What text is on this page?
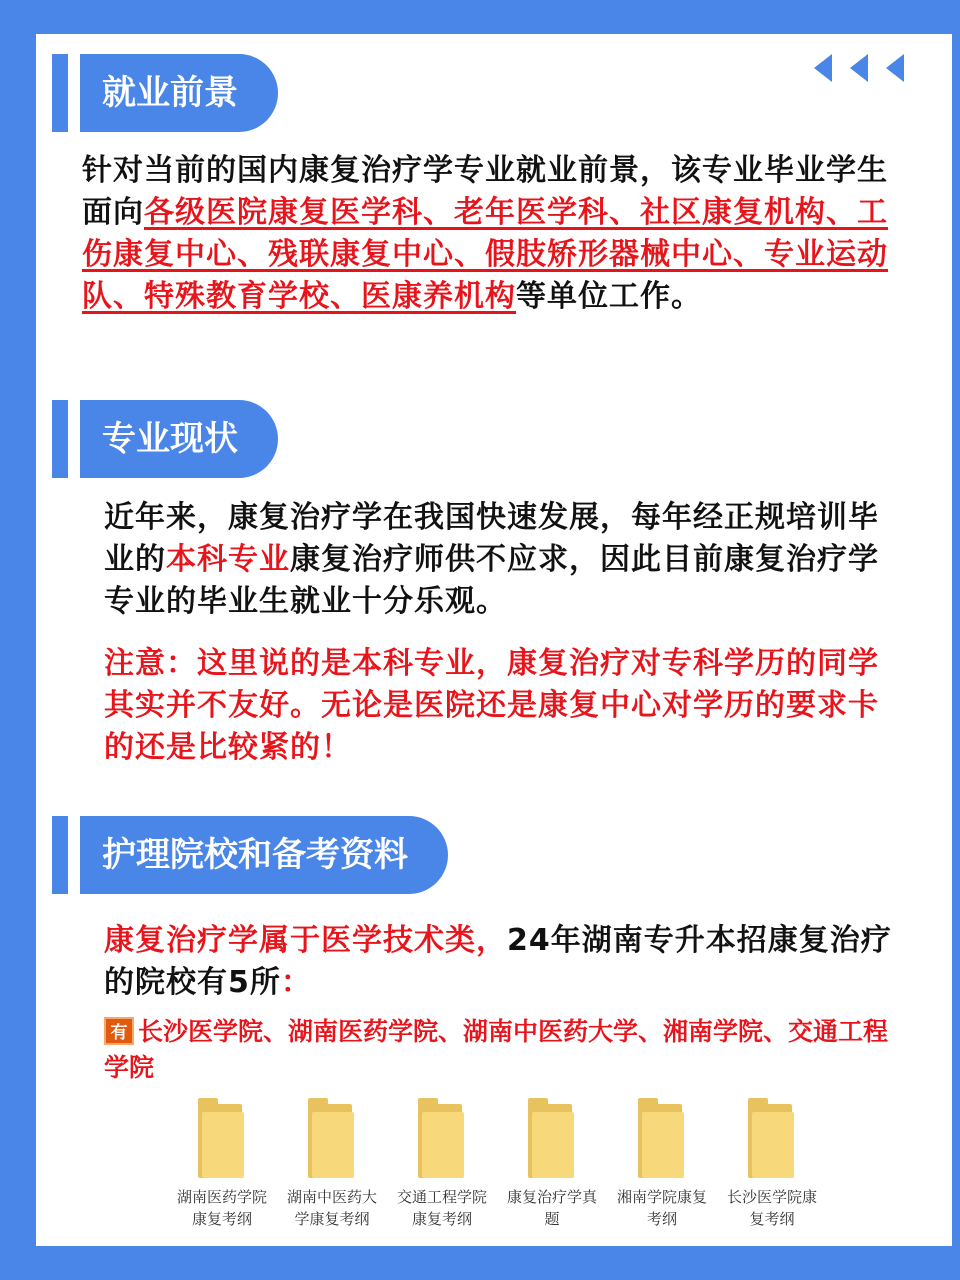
就业前景
针对当前的国内康复治疗学专业就业前景，该专业毕业学生面向各级医院康复医学科、老年医学科、社区康复机构、工伤康复中心、残联康复中心、假肢矫形器械中心、专业运动队、特殊教育学校、医康养机构等单位工作。
专业现状
近年来，康复治疗学在我国快速发展，每年经正规培训毕业的本科专业康复治疗师供不应求，因此目前康复治疗学专业的毕业生就业十分乐观。
注意：这里说的是本科专业，康复治疗对专科学历的同学其实并不友好。无论是医院还是康复中心对学历的要求卡的还是比较紧的！
护理院校和备考资料
康复治疗学属于医学技术类，24年湖南专升本招康复治疗的院校有5所：
有 长沙医学院、湖南医药学院、湖南中医药大学、湘南学院、交通工程学院
湖南医药学院康复考纲
湖南中医药大学康复考纲
交通工程学院康复考纲
康复治疗学真题
湘南学院康复考纲
长沙医学院康复考纲
